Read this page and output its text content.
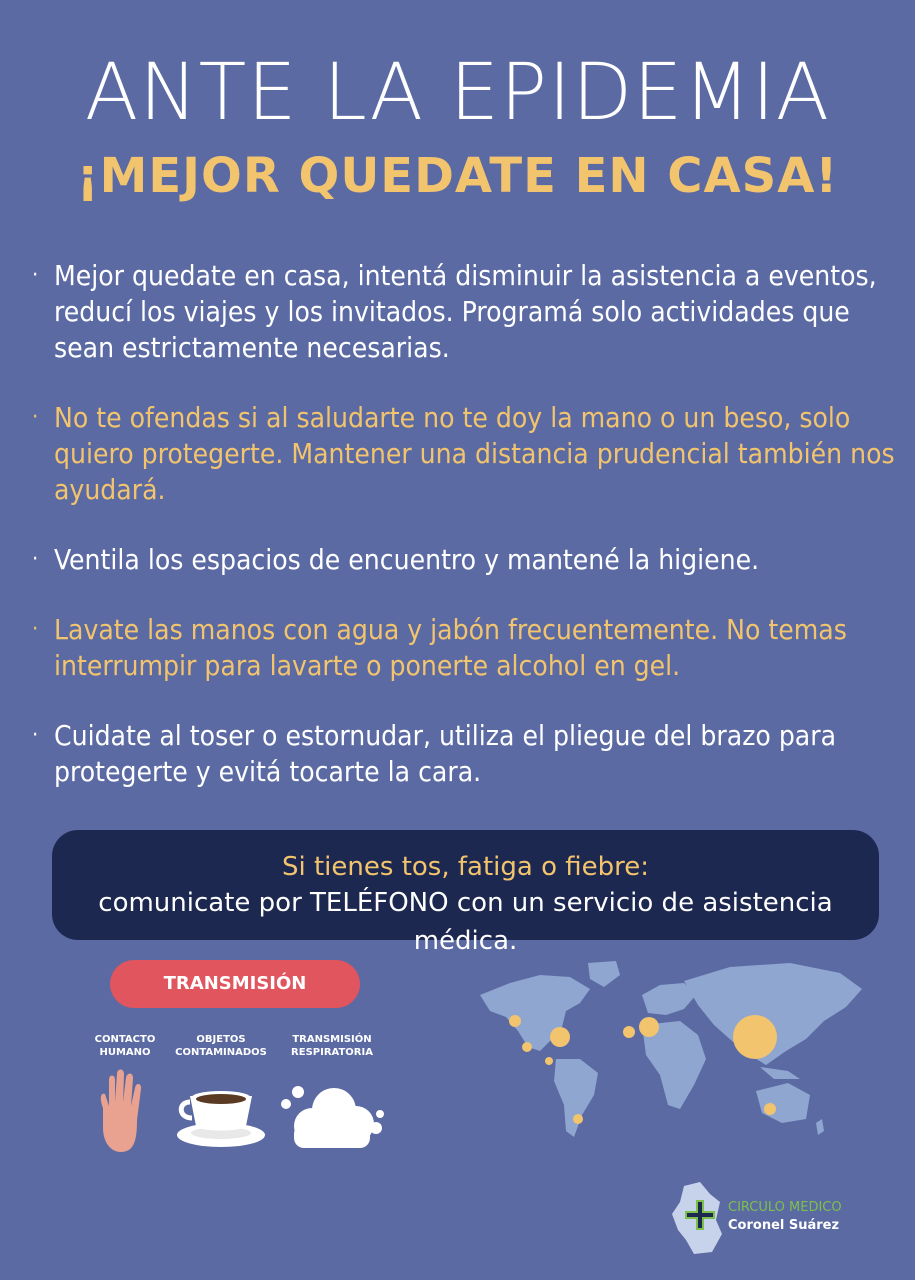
ANTE LA EPIDEMIA
¡MEJOR QUEDATE EN CASA!
· Mejor quedate en casa, intentá disminuir la asistencia a eventos, reducí los viajes y los invitados. Programá solo actividades que sean estrictamente necesarias.
· No te ofendas si al saludarte no te doy la mano o un beso, solo quiero protegerte. Mantener una distancia prudencial también nos ayudará.
· Ventila los espacios de encuentro y mantené la higiene.
· Lavate las manos con agua y jabón frecuentemente. No temas interrumpir para lavarte o ponerte alcohol en gel.
· Cuidate al toser o estornudar, utiliza el pliegue del brazo para protegerte y evitá tocarte la cara.
Si tienes tos, fatiga o fiebre:
comunicate por TELÉFONO con un servicio de asistencia médica.
TRANSMISIÓN
CONTACTO
HUMANO
OBJETOS
CONTAMINADOS
TRANSMISIÓN
RESPIRATORIA
CIRCULO MEDICO
Coronel Suárez
